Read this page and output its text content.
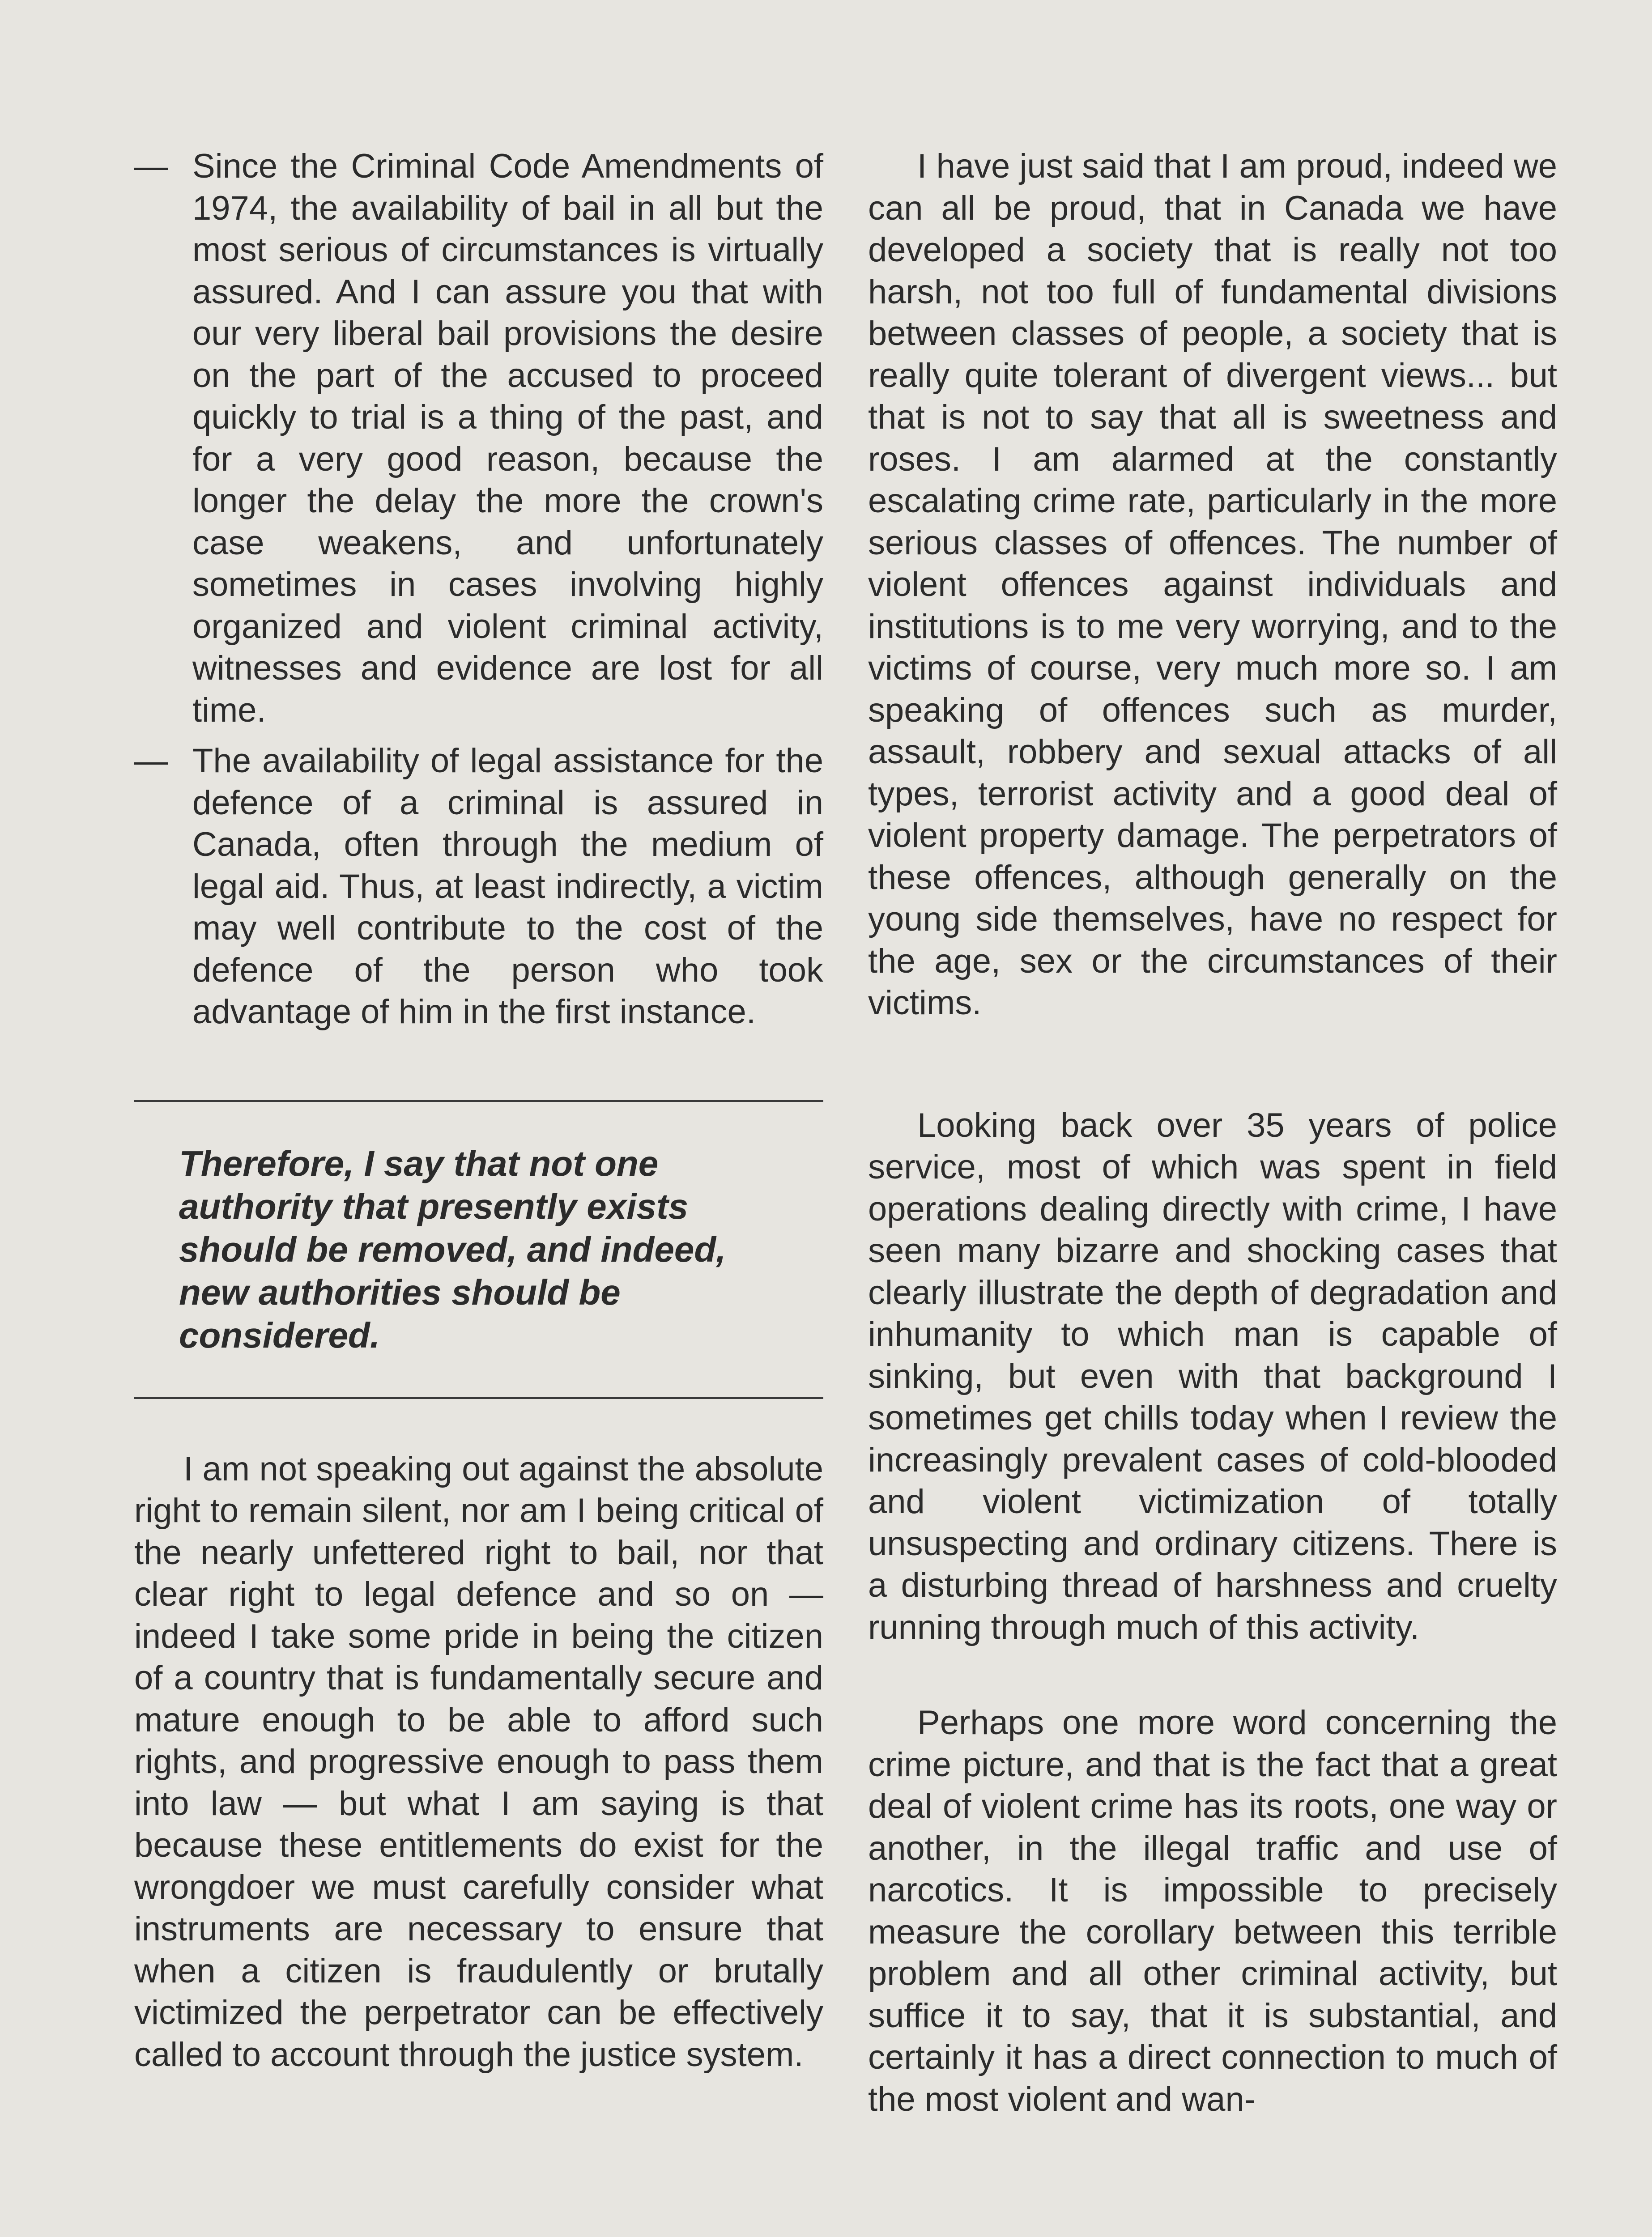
— Since the Criminal Code Amendments of 1974, the availability of bail in all but the most serious of circumstances is virtually assured. And I can assure you that with our very liberal bail provisions the desire on the part of the accused to proceed quickly to trial is a thing of the past, and for a very good reason, because the longer the delay the more the crown's case weakens, and unfortunately sometimes in cases involving highly organized and violent criminal activity, witnesses and evidence are lost for all time.
— The availability of legal assistance for the defence of a criminal is assured in Canada, often through the medium of legal aid. Thus, at least indirectly, a victim may well contribute to the cost of the defence of the person who took advantage of him in the first instance.

Therefore, I say that not one authority that presently exists should be removed, and indeed, new authorities should be considered.

I am not speaking out against the absolute right to remain silent, nor am I being critical of the nearly unfettered right to bail, nor that clear right to legal defence and so on — indeed I take some pride in being the citizen of a country that is fundamentally secure and mature enough to be able to afford such rights, and progressive enough to pass them into law — but what I am saying is that because these entitlements do exist for the wrongdoer we must carefully consider what instruments are necessary to ensure that when a citizen is fraudulently or brutally victimized the perpetrator can be effectively called to account through the justice system.

I have just said that I am proud, indeed we can all be proud, that in Canada we have developed a society that is really not too harsh, not too full of fundamental divisions between classes of people, a society that is really quite tolerant of divergent views... but that is not to say that all is sweetness and roses. I am alarmed at the constantly escalating crime rate, particularly in the more serious classes of offences. The number of violent offences against individuals and institutions is to me very worrying, and to the victims of course, very much more so. I am speaking of offences such as murder, assault, robbery and sexual attacks of all types, terrorist activity and a good deal of violent property damage. The perpetrators of these offences, although generally on the young side themselves, have no respect for the age, sex or the circumstances of their victims.

Looking back over 35 years of police service, most of which was spent in field operations dealing directly with crime, I have seen many bizarre and shocking cases that clearly illustrate the depth of degradation and inhumanity to which man is capable of sinking, but even with that background I sometimes get chills today when I review the increasingly prevalent cases of cold-blooded and violent victimization of totally unsuspecting and ordinary citizens. There is a disturbing thread of harshness and cruelty running through much of this activity.

Perhaps one more word concerning the crime picture, and that is the fact that a great deal of violent crime has its roots, one way or another, in the illegal traffic and use of narcotics. It is impossible to precisely measure the corollary between this terrible problem and all other criminal activity, but suffice it to say, that it is substantial, and certainly it has a direct connection to much of the most violent and wan-
